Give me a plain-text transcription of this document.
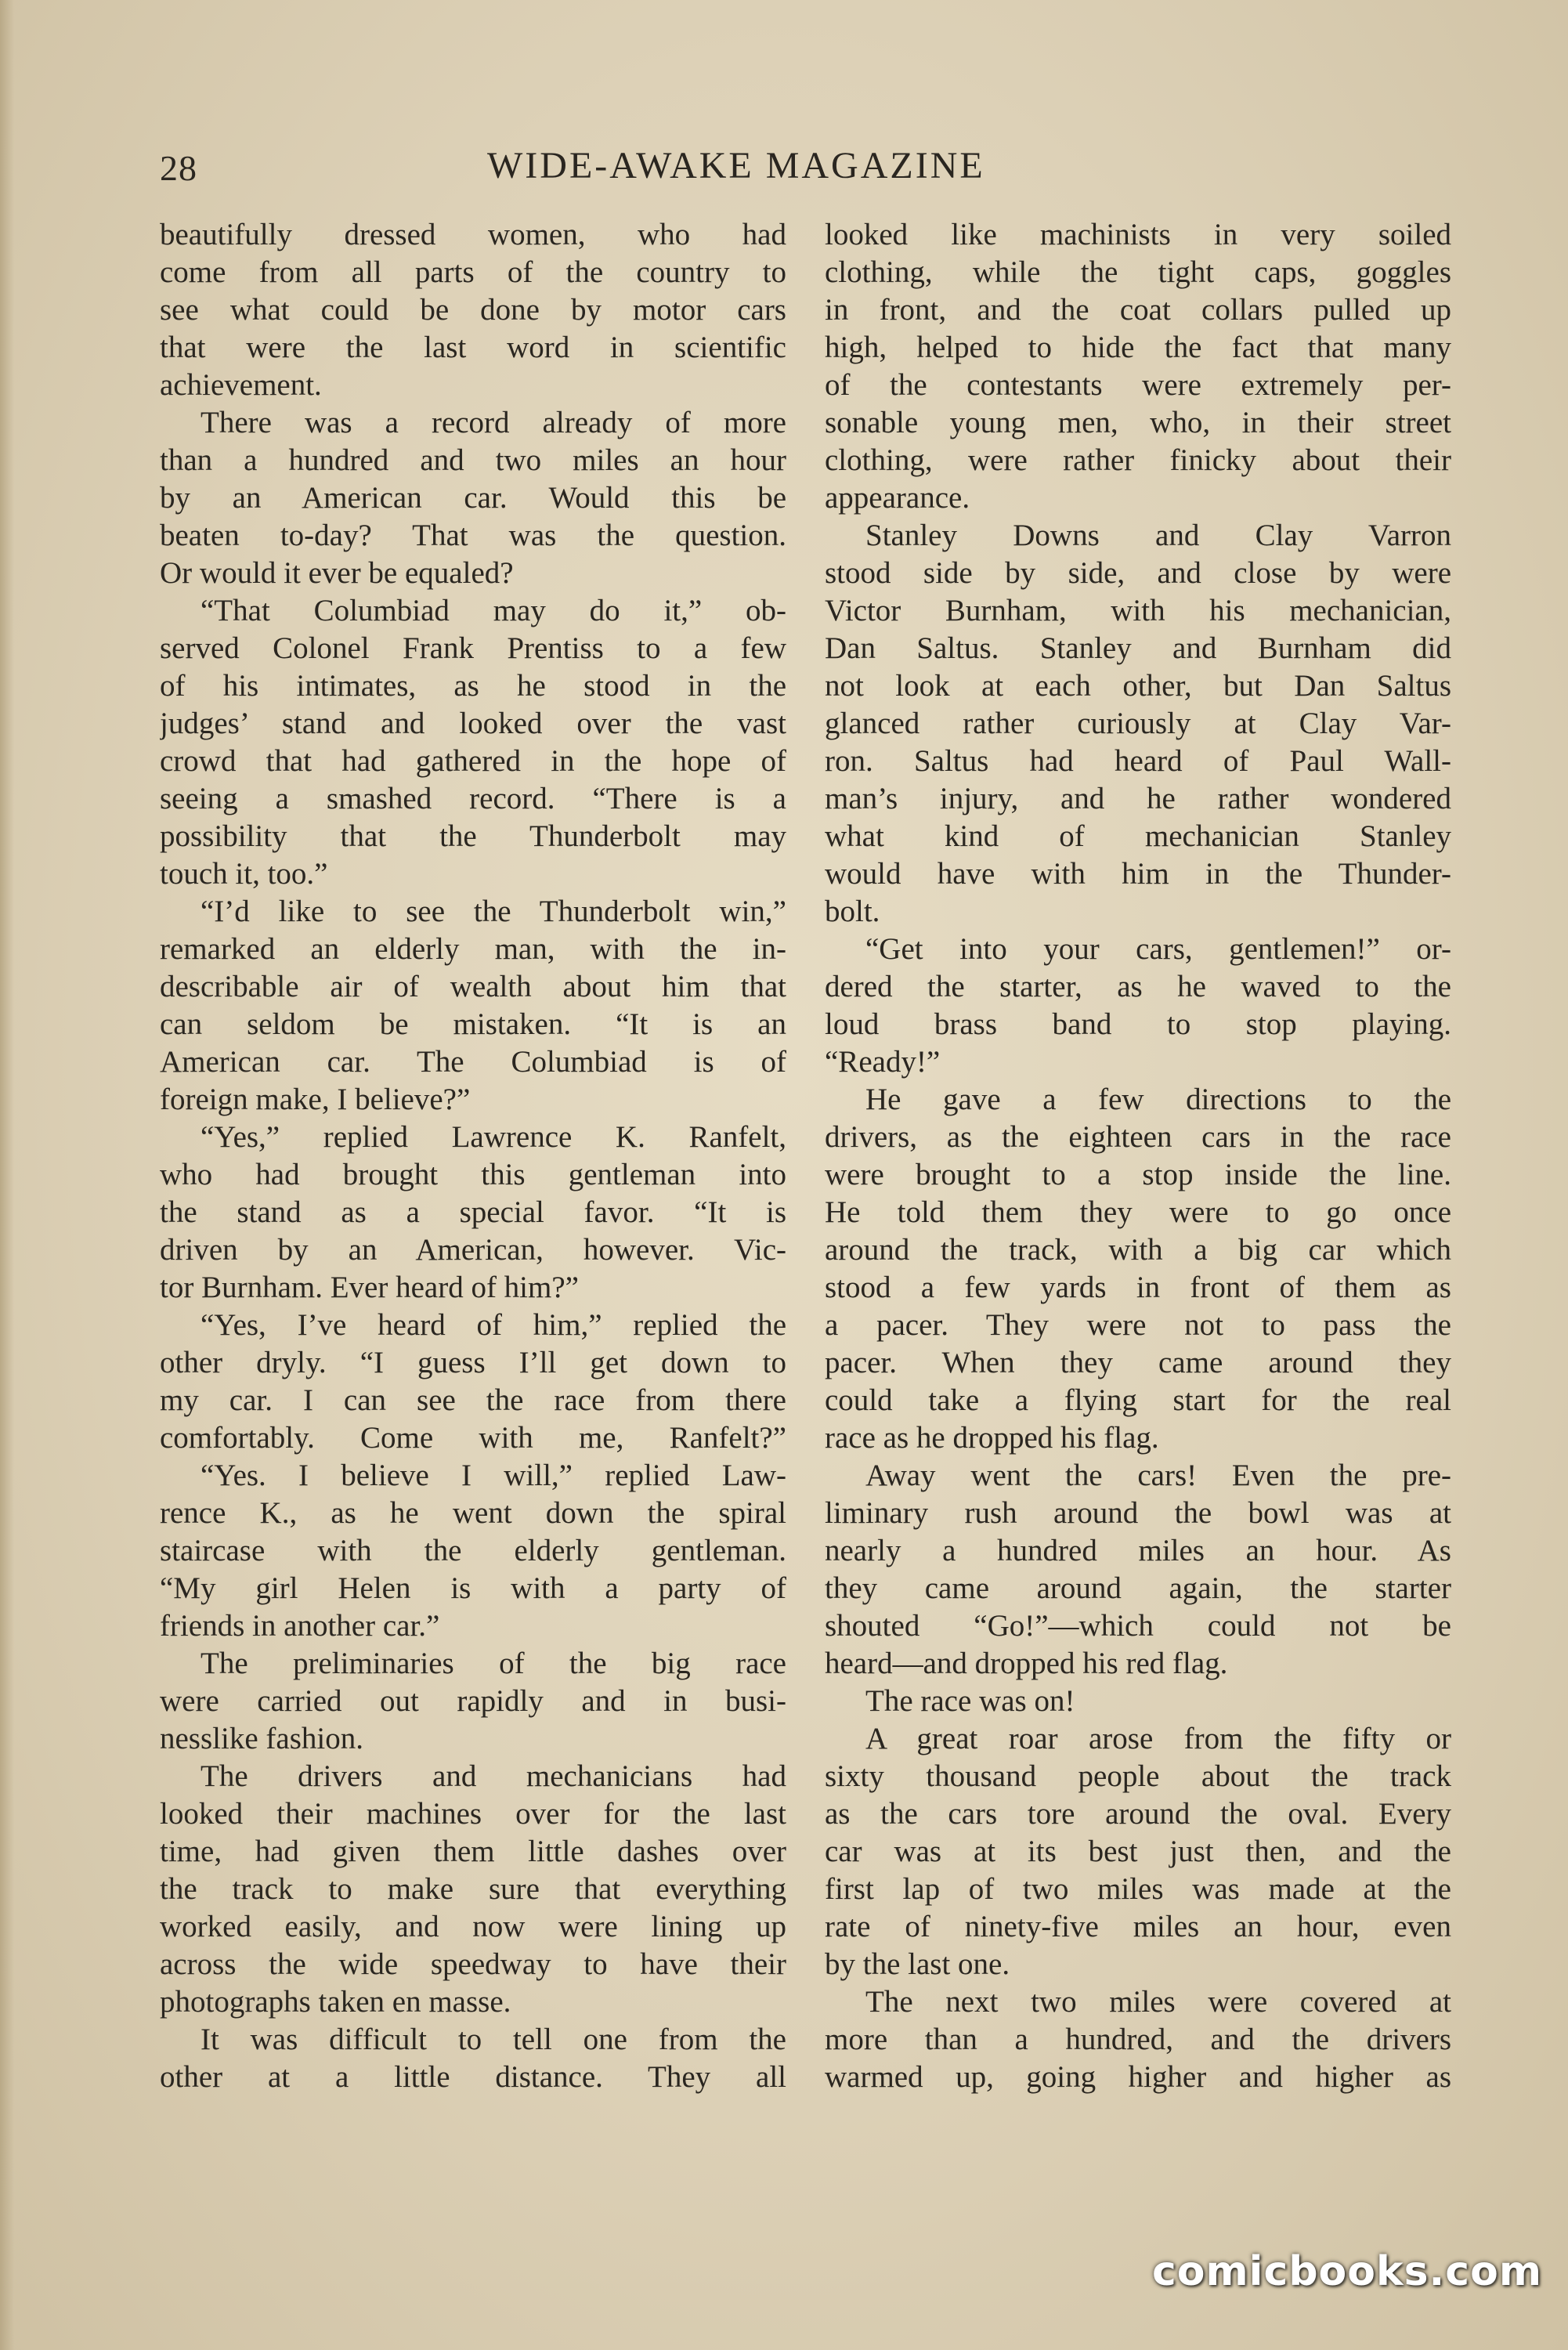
28	WIDE-AWAKE MAGAZINE
beautifully dressed women, who had
come from all parts of the country to
see what could be done by motor cars
that were the last word in scientific
achievement.
There was a record already of more
than a hundred and two miles an hour
by an American car. Would this be
beaten to-day? That was the question.
Or would it ever be equaled?
“That Columbiad may do it,” ob-
served Colonel Frank Prentiss to a few
of his intimates, as he stood in the
judges’ stand and looked over the vast
crowd that had gathered in the hope of
seeing a smashed record. “There is a
possibility that the Thunderbolt may
touch it, too.”
“I’d like to see the Thunderbolt win,”
remarked an elderly man, with the in-
describable air of wealth about him that
can seldom be mistaken. “It is an
American car. The Columbiad is of
foreign make, I believe?”
“Yes,” replied Lawrence K. Ranfelt,
who had brought this gentleman into
the stand as a special favor. “It is
driven by an American, however. Vic-
tor Burnham. Ever heard of him?”
“Yes, I’ve heard of him,” replied the
other dryly. “I guess I’ll get down to
my car. I can see the race from there
comfortably. Come with me, Ranfelt?”
“Yes. I believe I will,” replied Law-
rence K., as he went down the spiral
staircase with the elderly gentleman.
“My girl Helen is with a party of
friends in another car.”
The preliminaries of the big race
were carried out rapidly and in busi-
nesslike fashion.
The drivers and mechanicians had
looked their machines over for the last
time, had given them little dashes over
the track to make sure that everything
worked easily, and now were lining up
across the wide speedway to have their
photographs taken en masse.
It was difficult to tell one from the
other at a little distance. They all
looked like machinists in very soiled
clothing, while the tight caps, goggles
in front, and the coat collars pulled up
high, helped to hide the fact that many
of the contestants were extremely per-
sonable young men, who, in their street
clothing, were rather finicky about their
appearance.
Stanley Downs and Clay Varron
stood side by side, and close by were
Victor Burnham, with his mechanician,
Dan Saltus. Stanley and Burnham did
not look at each other, but Dan Saltus
glanced rather curiously at Clay Var-
ron. Saltus had heard of Paul Wall-
man’s injury, and he rather wondered
what kind of mechanician Stanley
would have with him in the Thunder-
bolt.
“Get into your cars, gentlemen!” or-
dered the starter, as he waved to the
loud brass band to stop playing.
“Ready!”
He gave a few directions to the
drivers, as the eighteen cars in the race
were brought to a stop inside the line.
He told them they were to go once
around the track, with a big car which
stood a few yards in front of them as
a pacer. They were not to pass the
pacer. When they came around they
could take a flying start for the real
race as he dropped his flag.
Away went the cars! Even the pre-
liminary rush around the bowl was at
nearly a hundred miles an hour. As
they came around again, the starter
shouted “Go!”—which could not be
heard—and dropped his red flag.
The race was on!
A great roar arose from the fifty or
sixty thousand people about the track
as the cars tore around the oval. Every
car was at its best just then, and the
first lap of two miles was made at the
rate of ninety-five miles an hour, even
by the last one.
The next two miles were covered at
more than a hundred, and the drivers
warmed up, going higher and higher as
comicbooks.com
